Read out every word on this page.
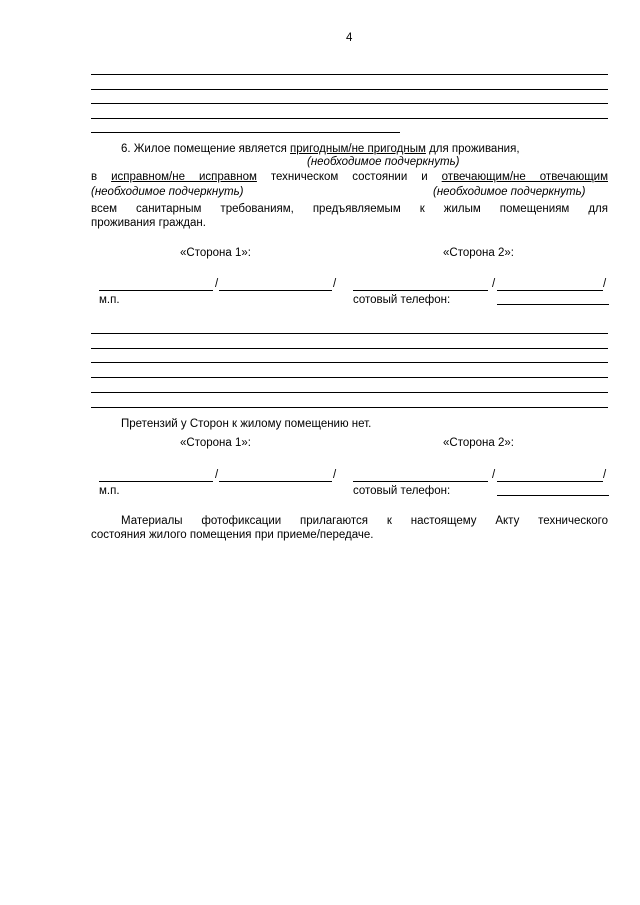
4
6. Жилое помещение является пригодным/не пригодным для проживания,
(необходимое подчеркнуть)
в исправном/не исправном техническом состоянии и отвечающим/не отвечающим
(необходимое подчеркнуть)	(необходимое подчеркнуть)
всем санитарным требованиям, предъявляемым к жилым помещениям для
проживания граждан.
«Сторона 1»:	«Сторона 2»:
/	/	/	/
м.п.	сотовый телефон:
Претензий у Сторон к жилому помещению нет.
«Сторона 1»:	«Сторона 2»:
/	/	/	/
м.п.	сотовый телефон:
Материалы фотофиксации прилагаются к настоящему Акту технического
состояния жилого помещения при приеме/передаче.
